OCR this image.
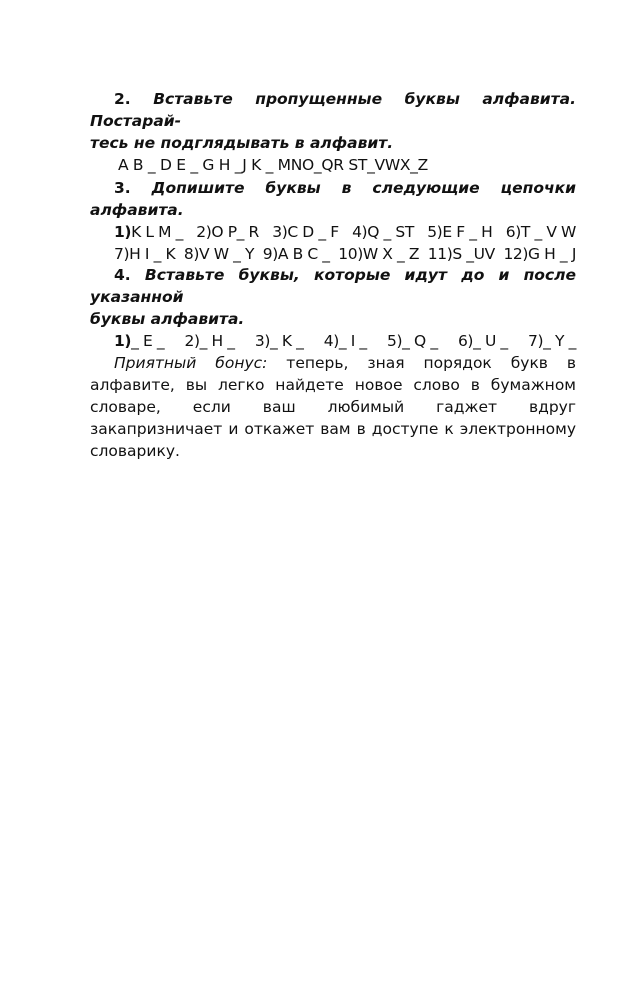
2. Вставьте пропущенные буквы алфавита. Постарай-
тесь не подглядывать в алфавит.

A B _ D E _ G H _J K _ MNO_QR ST_VWX_Z

3. Допишите буквы в следующие цепочки алфавита.

1)K L M _ 2)O P_ R 3)C D _ F 4)Q _ ST 5)E F _ H 6)T _ V W
7)H I _ K 8)V W _ Y 9)A B C _ 10)W X _ Z 11)S _UV 12)G H _ J

4. Вставьте буквы, которые идут до и после указанной
буквы алфавита.

1)_ E _ 2)_ H _ 3)_ K _ 4)_ I _ 5)_ Q _ 6)_ U _ 7)_ Y _

Приятный бонус: теперь, зная порядок букв в алфавите, вы легко найдете новое слово в бумажном словаре, если ваш любимый гаджет вдруг закапризничает и откажет вам в доступе к электронному словарику.
